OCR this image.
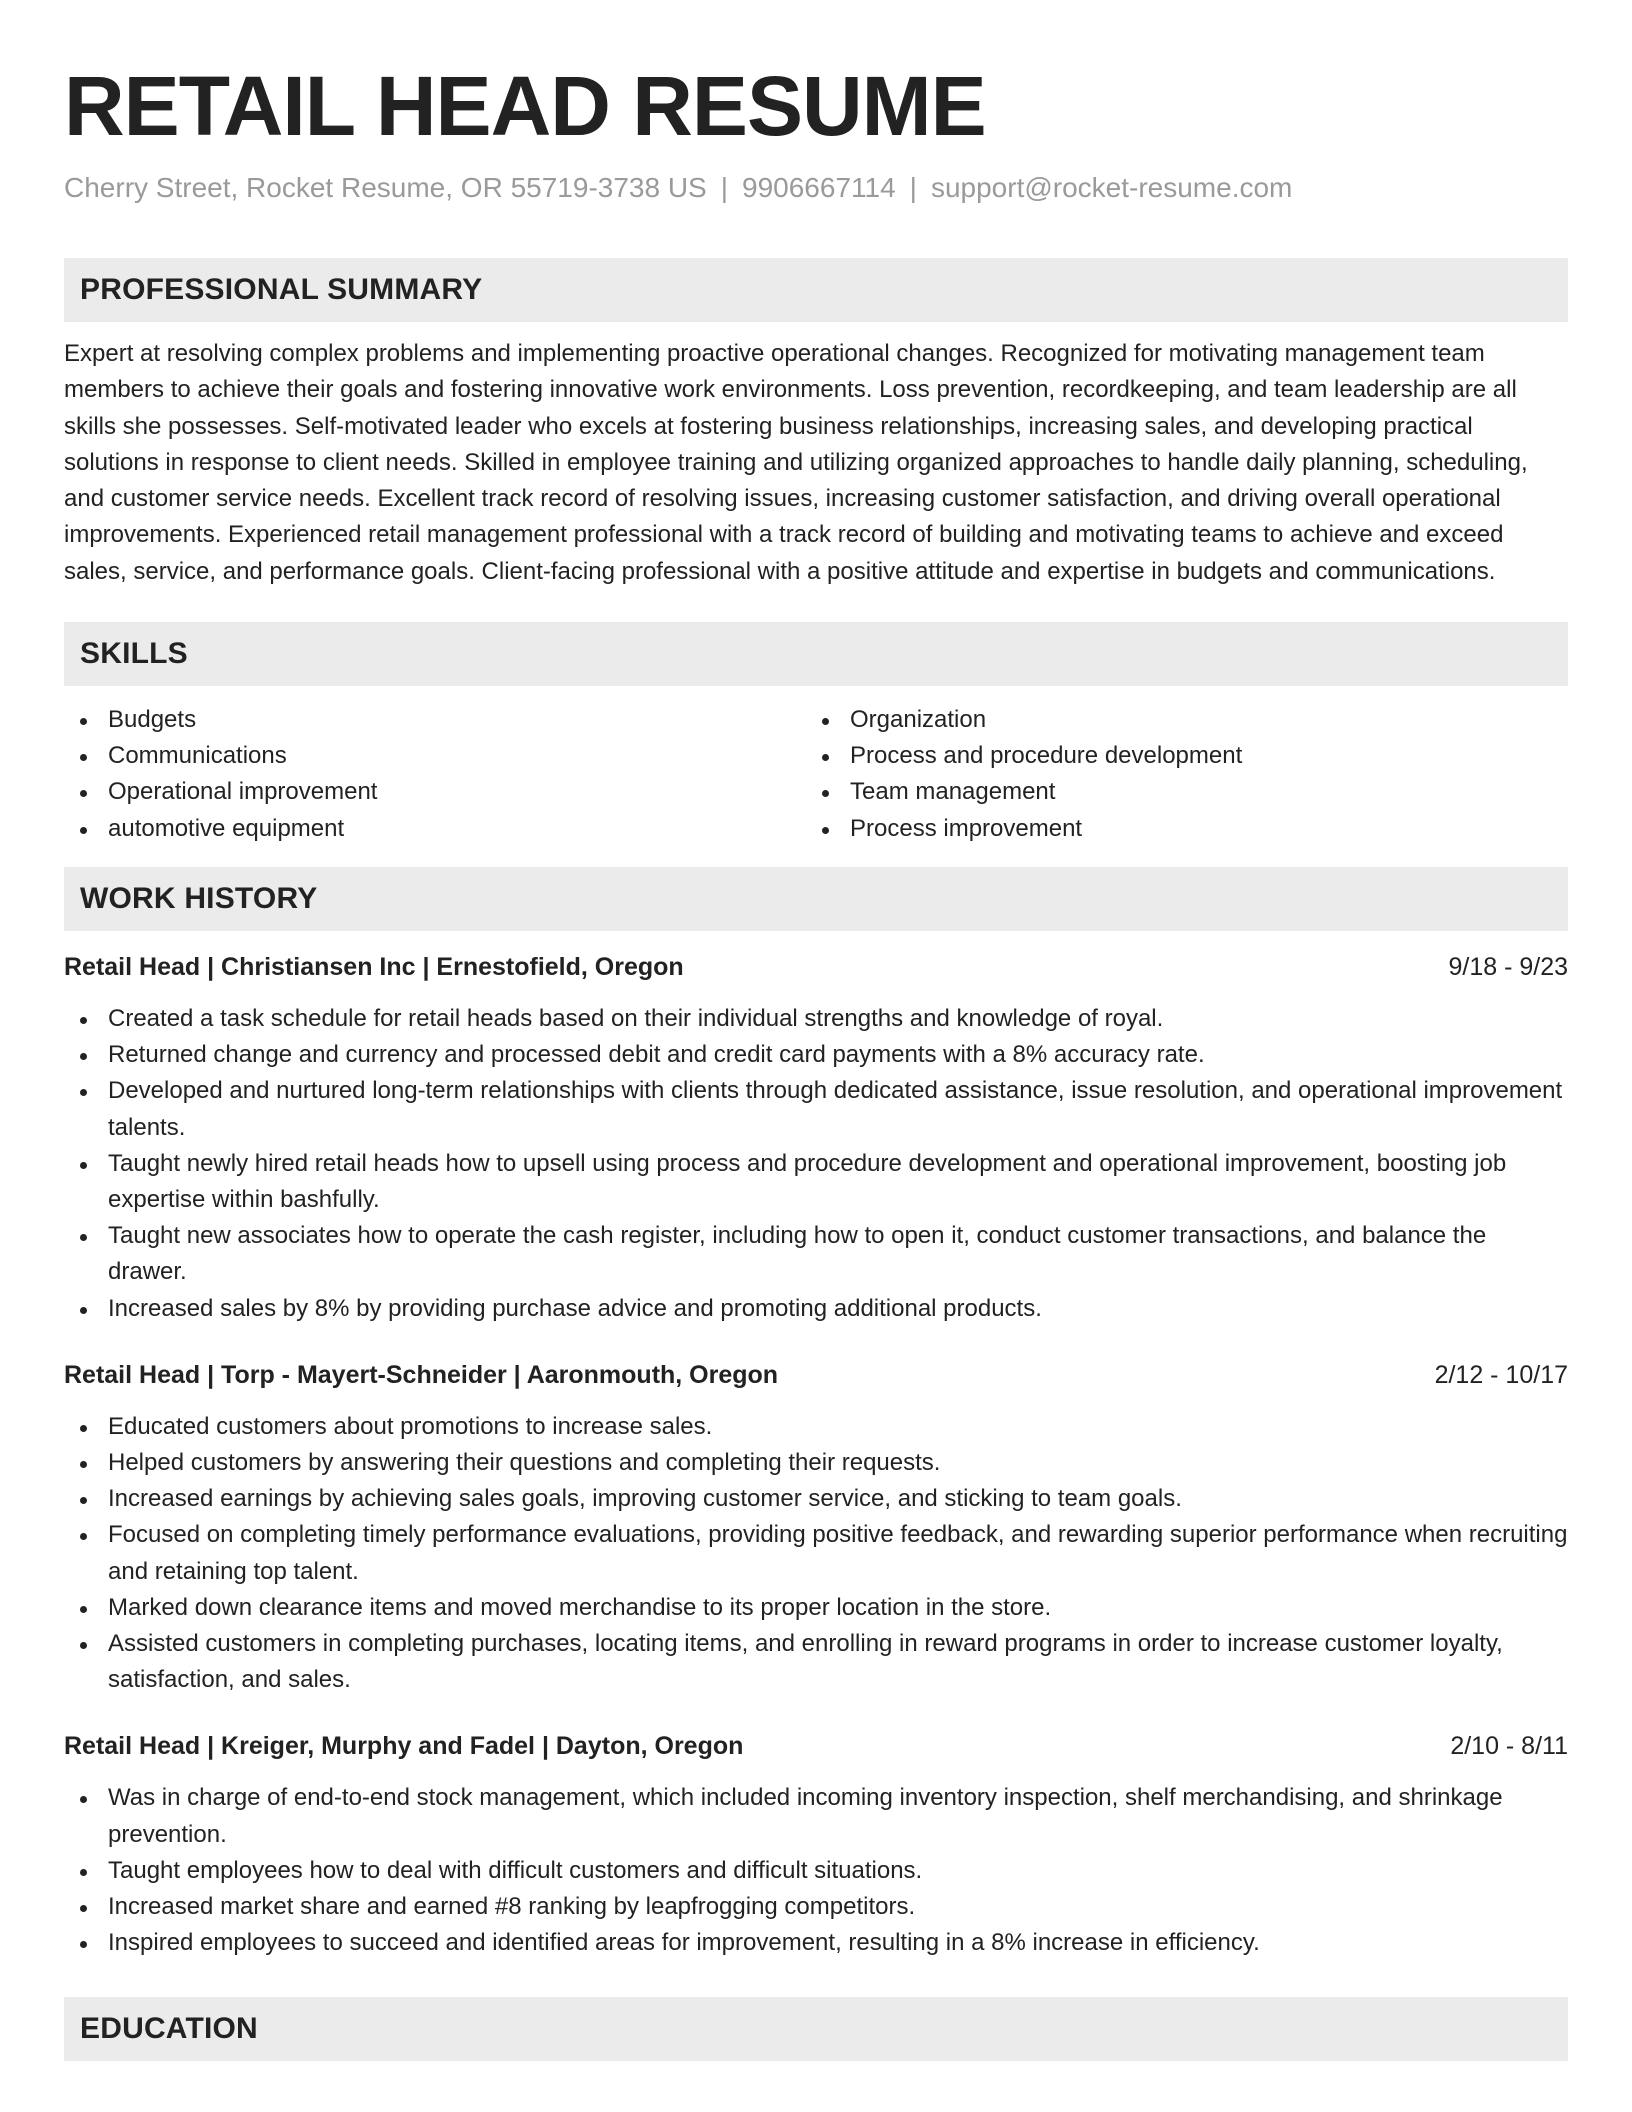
RETAIL HEAD RESUME
Cherry Street, Rocket Resume, OR 55719-3738 US | 9906667114 | support@rocket-resume.com
PROFESSIONAL SUMMARY
Expert at resolving complex problems and implementing proactive operational changes. Recognized for motivating management team members to achieve their goals and fostering innovative work environments. Loss prevention, recordkeeping, and team leadership are all skills she possesses. Self-motivated leader who excels at fostering business relationships, increasing sales, and developing practical solutions in response to client needs. Skilled in employee training and utilizing organized approaches to handle daily planning, scheduling, and customer service needs. Excellent track record of resolving issues, increasing customer satisfaction, and driving overall operational improvements. Experienced retail management professional with a track record of building and motivating teams to achieve and exceed sales, service, and performance goals. Client-facing professional with a positive attitude and expertise in budgets and communications.
SKILLS
Budgets
Communications
Operational improvement
automotive equipment
Organization
Process and procedure development
Team management
Process improvement
WORK HISTORY
Retail Head | Christiansen Inc | Ernestofield, Oregon	9/18 - 9/23
Created a task schedule for retail heads based on their individual strengths and knowledge of royal.
Returned change and currency and processed debit and credit card payments with a 8% accuracy rate.
Developed and nurtured long-term relationships with clients through dedicated assistance, issue resolution, and operational improvement talents.
Taught newly hired retail heads how to upsell using process and procedure development and operational improvement, boosting job expertise within bashfully.
Taught new associates how to operate the cash register, including how to open it, conduct customer transactions, and balance the drawer.
Increased sales by 8% by providing purchase advice and promoting additional products.
Retail Head | Torp - Mayert-Schneider | Aaronmouth, Oregon	2/12 - 10/17
Educated customers about promotions to increase sales.
Helped customers by answering their questions and completing their requests.
Increased earnings by achieving sales goals, improving customer service, and sticking to team goals.
Focused on completing timely performance evaluations, providing positive feedback, and rewarding superior performance when recruiting and retaining top talent.
Marked down clearance items and moved merchandise to its proper location in the store.
Assisted customers in completing purchases, locating items, and enrolling in reward programs in order to increase customer loyalty, satisfaction, and sales.
Retail Head | Kreiger, Murphy and Fadel | Dayton, Oregon	2/10 - 8/11
Was in charge of end-to-end stock management, which included incoming inventory inspection, shelf merchandising, and shrinkage prevention.
Taught employees how to deal with difficult customers and difficult situations.
Increased market share and earned #8 ranking by leapfrogging competitors.
Inspired employees to succeed and identified areas for improvement, resulting in a 8% increase in efficiency.
EDUCATION
